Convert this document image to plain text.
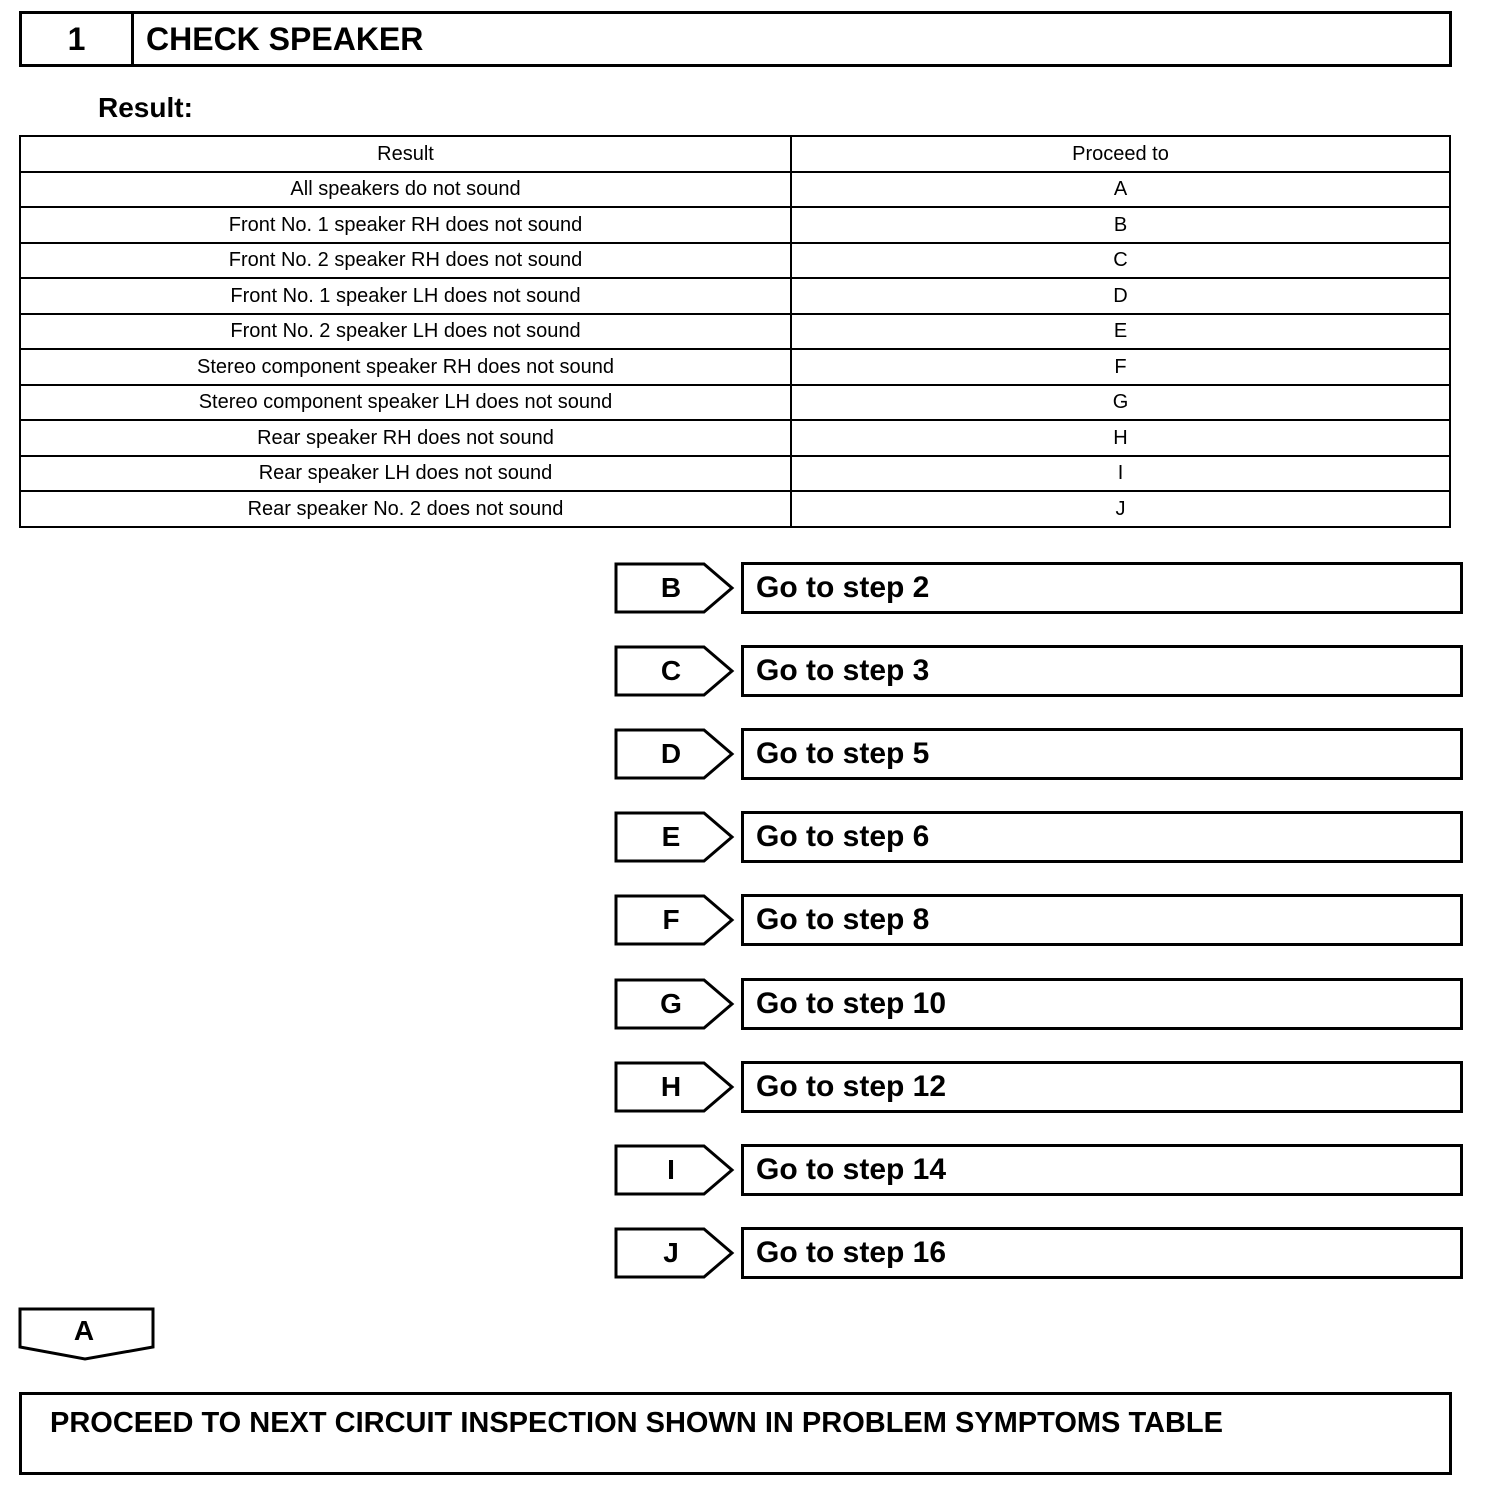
1	CHECK SPEAKER
Result:
Result	Proceed to
All speakers do not sound	A
Front No. 1 speaker RH does not sound	B
Front No. 2 speaker RH does not sound	C
Front No. 1 speaker LH does not sound	D
Front No. 2 speaker LH does not sound	E
Stereo component speaker RH does not sound	F
Stereo component speaker LH does not sound	G
Rear speaker RH does not sound	H
Rear speaker LH does not sound	I
Rear speaker No. 2 does not sound	J
B	Go to step 2
C	Go to step 3
D	Go to step 5
E	Go to step 6
F	Go to step 8
G	Go to step 10
H	Go to step 12
I	Go to step 14
J	Go to step 16
A
PROCEED TO NEXT CIRCUIT INSPECTION SHOWN IN PROBLEM SYMPTOMS TABLE
